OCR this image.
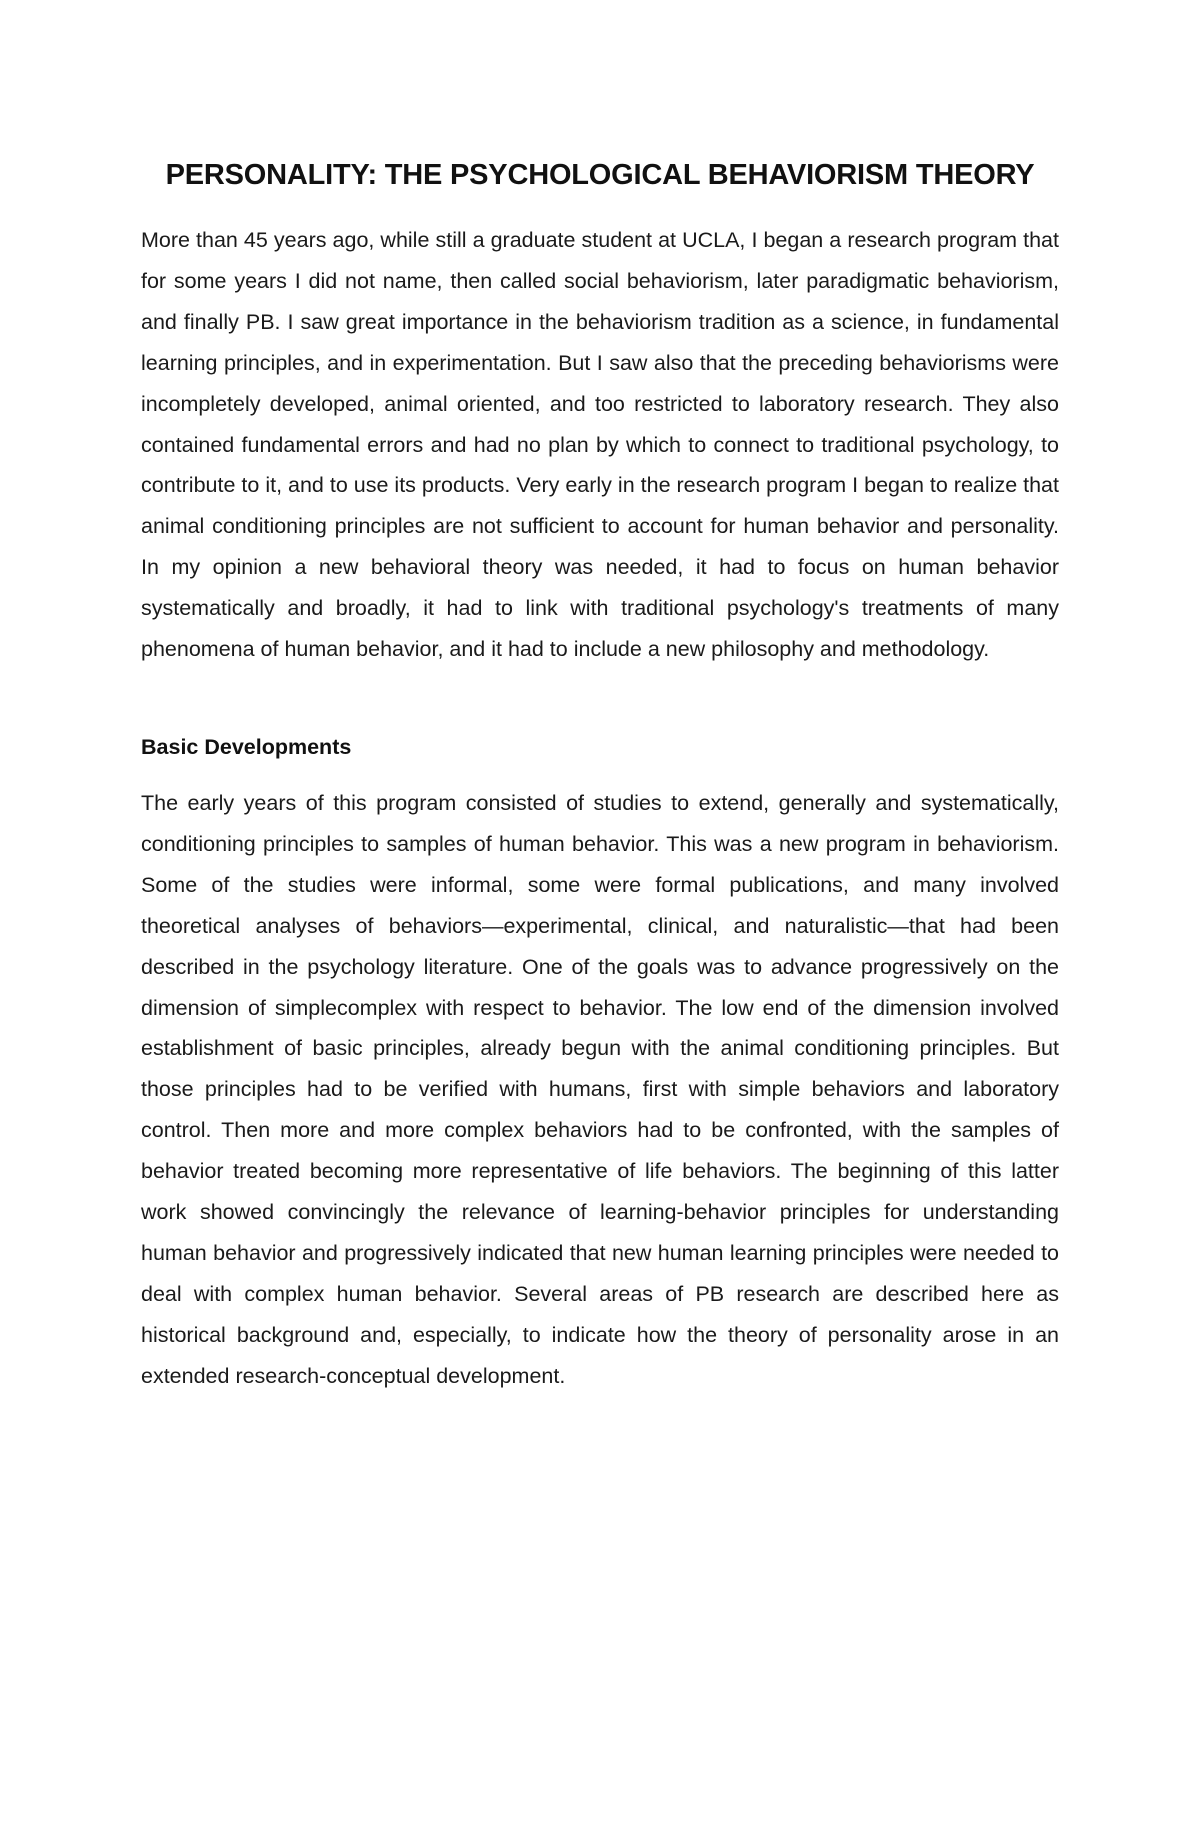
PERSONALITY: THE PSYCHOLOGICAL BEHAVIORISM THEORY

More than 45 years ago, while still a graduate student at UCLA, I began a research program that for some years I did not name, then called social behaviorism, later paradigmatic behaviorism, and finally PB. I saw great importance in the behaviorism tradition as a science, in fundamental learning principles, and in experimentation. But I saw also that the preceding behaviorisms were incompletely developed, animal oriented, and too restricted to laboratory research. They also contained fundamental errors and had no plan by which to connect to traditional psychology, to contribute to it, and to use its products. Very early in the research program I began to realize that animal conditioning principles are not sufficient to account for human behavior and personality. In my opinion a new behavioral theory was needed, it had to focus on human behavior systematically and broadly, it had to link with traditional psychology's treatments of many phenomena of human behavior, and it had to include a new philosophy and methodology.

Basic Developments

The early years of this program consisted of studies to extend, generally and systematically, conditioning principles to samples of human behavior. This was a new program in behaviorism. Some of the studies were informal, some were formal publications, and many involved theoretical analyses of behaviors—experimental, clinical, and naturalistic—that had been described in the psychology literature. One of the goals was to advance progressively on the dimension of simplecomplex with respect to behavior. The low end of the dimension involved establishment of basic principles, already begun with the animal conditioning principles. But those principles had to be verified with humans, first with simple behaviors and laboratory control. Then more and more complex behaviors had to be confronted, with the samples of behavior treated becoming more representative of life behaviors. The beginning of this latter work showed convincingly the relevance of learning-behavior principles for understanding human behavior and progressively indicated that new human learning principles were needed to deal with complex human behavior. Several areas of PB research are described here as historical background and, especially, to indicate how the theory of personality arose in an extended research-conceptual development.
